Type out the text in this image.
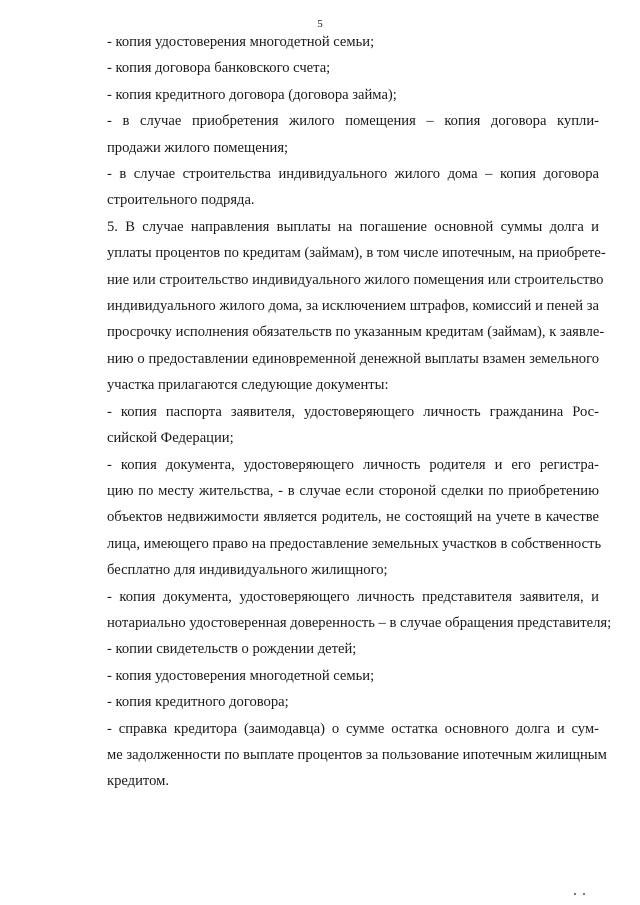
5

- копия удостоверения многодетной семьи;

- копия договора банковского счета;

- копия кредитного договора (договора займа);

- в случае приобретения жилого помещения – копия договора купли-
продажи жилого помещения;

- в случае строительства индивидуального жилого дома – копия договора
строительного подряда.

5. В случае направления выплаты на погашение основной суммы долга и
уплаты процентов по кредитам (займам), в том числе ипотечным, на приобрете-
ние или строительство индивидуального жилого помещения или строительство
индивидуального жилого дома, за исключением штрафов, комиссий и пеней за
просрочку исполнения обязательств по указанным кредитам (займам), к заявле-
нию о предоставлении единовременной денежной выплаты взамен земельного
участка прилагаются следующие документы:

- копия паспорта заявителя, удостоверяющего личность гражданина Рос-
сийской Федерации;

- копия документа, удостоверяющего личность родителя и его регистра-
цию по месту жительства, - в случае если стороной сделки по приобретению
объектов недвижимости является родитель, не состоящий на учете в качестве
лица, имеющего право на предоставление земельных участков в собственность
бесплатно для индивидуального жилищного;

- копия документа, удостоверяющего личность представителя заявителя, и
нотариально удостоверенная доверенность – в случае обращения представителя;

- копии свидетельств о рождении детей;

- копия удостоверения многодетной семьи;

- копия кредитного договора;

- справка кредитора (заимодавца) о сумме остатка основного долга и сум-
ме задолженности по выплате процентов за пользование ипотечным жилищным
кредитом.
